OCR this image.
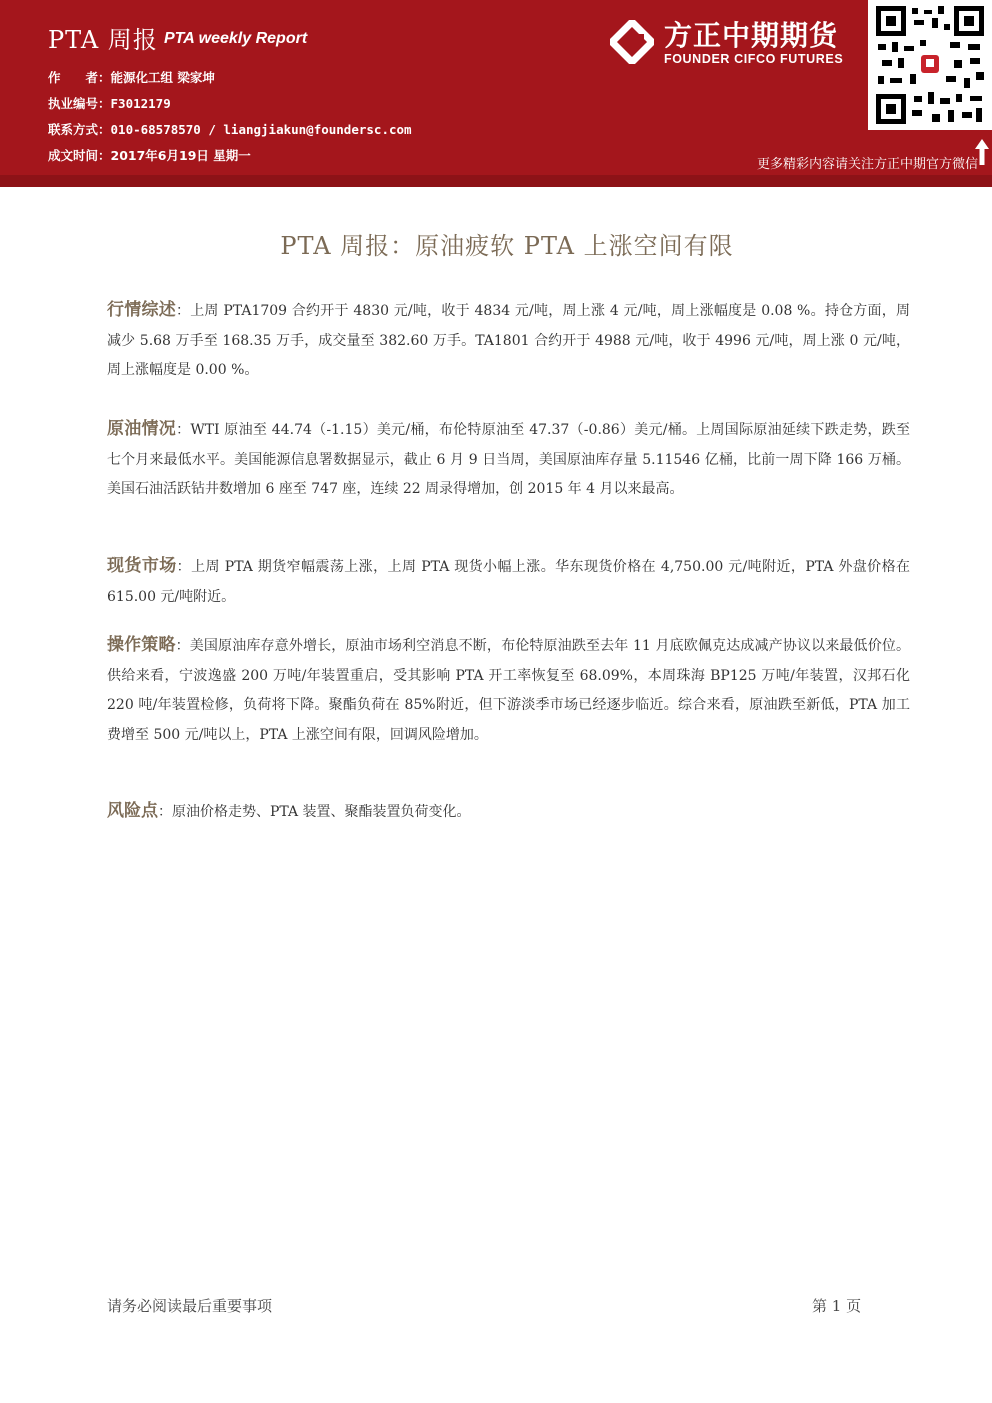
PTA 周报 PTA weekly Report
作　　者：能源化工组 梁家坤
执业编号：F3012179
联系方式：010-68578570 / liangjiakun@foundersc.com
成文时间：2017年6月19日 星期一
方正中期期货
FOUNDER CIFCO FUTURES
更多精彩内容请关注方正中期官方微信
PTA 周报：原油疲软 PTA 上涨空间有限
行情综述：上周 PTA1709 合约开于 4830 元/吨，收于 4834 元/吨，周上涨 4 元/吨，周上涨幅度是 0.08 %。持仓方面，周减少 5.68 万手至 168.35 万手，成交量至 382.60 万手。TA1801 合约开于 4988 元/吨，收于 4996 元/吨，周上涨 0 元/吨，周上涨幅度是 0.00 %。
原油情况：WTI 原油至 44.74（-1.15）美元/桶，布伦特原油至 47.37（-0.86）美元/桶。上周国际原油延续下跌走势，跌至七个月来最低水平。美国能源信息署数据显示，截止 6 月 9 日当周，美国原油库存量 5.11546 亿桶，比前一周下降 166 万桶。美国石油活跃钻井数增加 6 座至 747 座，连续 22 周录得增加，创 2015 年 4 月以来最高。
现货市场：上周 PTA 期货窄幅震荡上涨，上周 PTA 现货小幅上涨。华东现货价格在 4,750.00 元/吨附近，PTA 外盘价格在 615.00 元/吨附近。
操作策略：美国原油库存意外增长，原油市场利空消息不断，布伦特原油跌至去年 11 月底欧佩克达成减产协议以来最低价位。供给来看，宁波逸盛 200 万吨/年装置重启，受其影响 PTA 开工率恢复至 68.09%，本周珠海 BP125 万吨/年装置，汉邦石化 220 吨/年装置检修，负荷将下降。聚酯负荷在 85%附近，但下游淡季市场已经逐步临近。综合来看，原油跌至新低，PTA 加工费增至 500 元/吨以上，PTA 上涨空间有限，回调风险增加。
风险点：原油价格走势、PTA 装置、聚酯装置负荷变化。
请务必阅读最后重要事项	第 1 页
